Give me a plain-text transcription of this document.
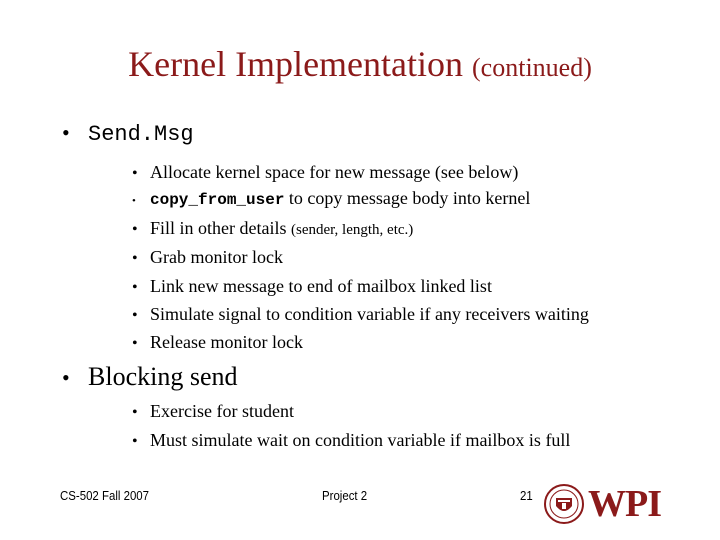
Kernel Implementation (continued)
• Send.Msg
• Allocate kernel space for new message (see below)
• copy_from_user to copy message body into kernel
• Fill in other details (sender, length, etc.)
• Grab monitor lock
• Link new message to end of mailbox linked list
• Simulate signal to condition variable if any receivers waiting
• Release monitor lock
• Blocking send
• Exercise for student
• Must simulate wait on condition variable if mailbox is full
CS-502 Fall 2007	Project 2	21 WPI
